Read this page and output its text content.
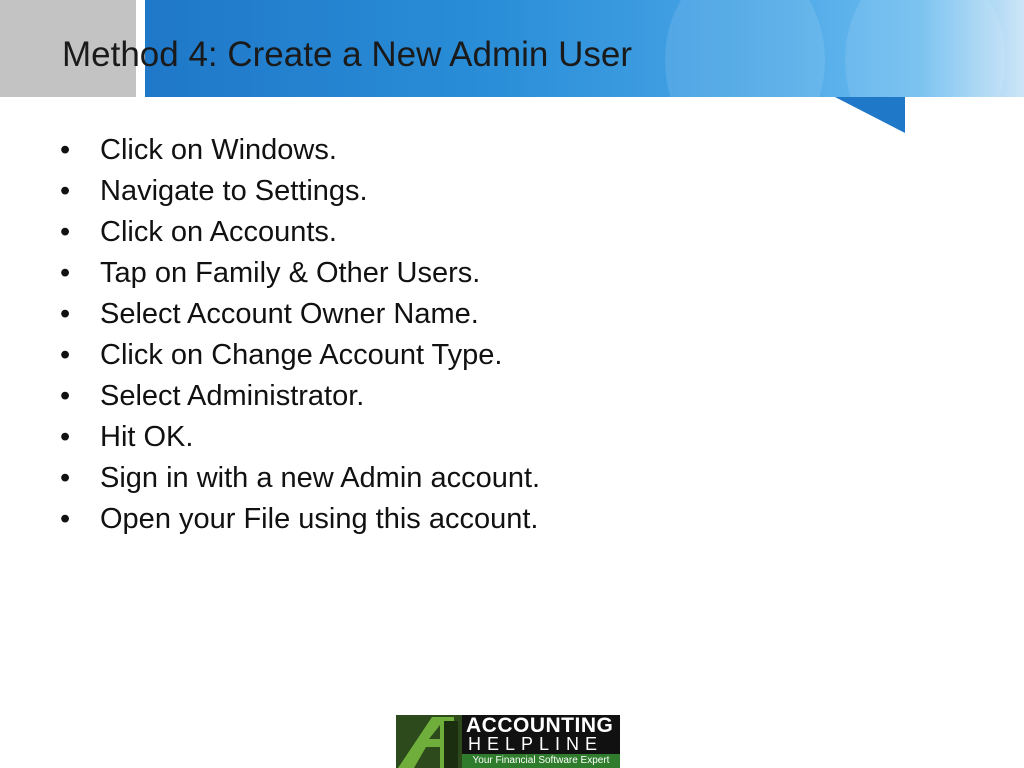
Method 4: Create a New Admin User
•	Click on Windows.
•	Navigate to Settings.
•	Click on Accounts.
•	Tap on Family & Other Users.
•	Select Account Owner Name.
•	Click on Change Account Type.
•	Select Administrator.
•	Hit OK.
•	Sign in with a new Admin account.
•	Open your File using this account.
ACCOUNTING
HELPLINE
Your Financial Software Expert
